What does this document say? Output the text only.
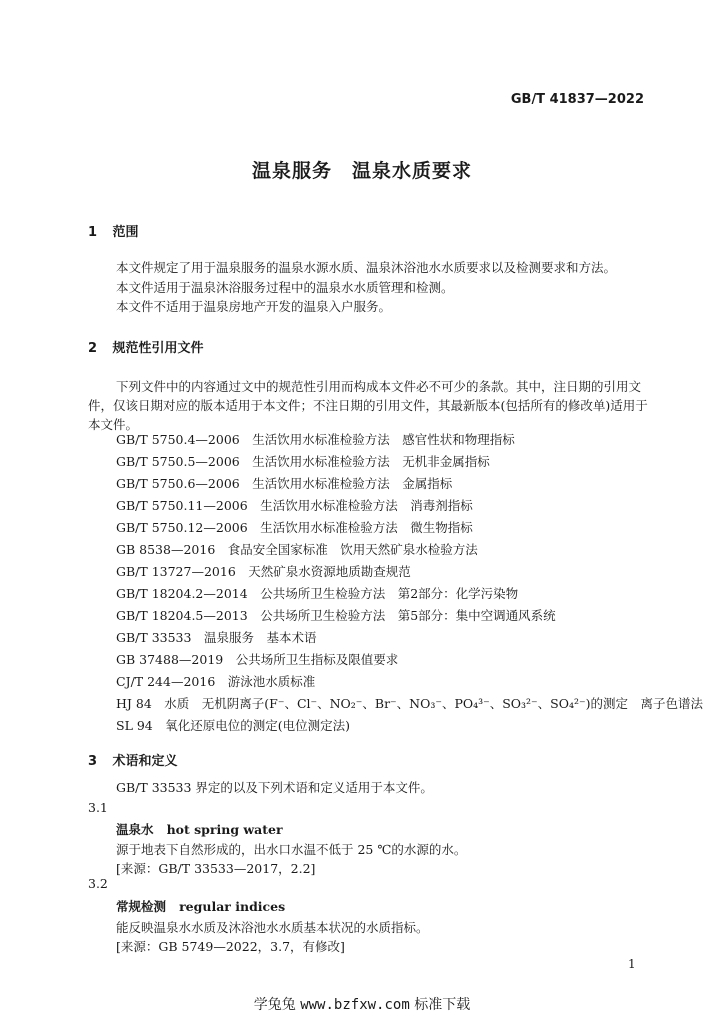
GB/T 41837—2022
温泉服务　温泉水质要求
1 范围
本文件规定了用于温泉服务的温泉水源水质、温泉沐浴池水水质要求以及检测要求和方法。
本文件适用于温泉沐浴服务过程中的温泉水水质管理和检测。
本文件不适用于温泉房地产开发的温泉入户服务。
2 规范性引用文件
下列文件中的内容通过文中的规范性引用而构成本文件必不可少的条款。其中，注日期的引用文件，仅该日期对应的版本适用于本文件；不注日期的引用文件，其最新版本(包括所有的修改单)适用于本文件。
GB/T 5750.4—2006　生活饮用水标准检验方法　感官性状和物理指标
GB/T 5750.5—2006　生活饮用水标准检验方法　无机非金属指标
GB/T 5750.6—2006　生活饮用水标准检验方法　金属指标
GB/T 5750.11—2006　生活饮用水标准检验方法　消毒剂指标
GB/T 5750.12—2006　生活饮用水标准检验方法　微生物指标
GB 8538—2016　食品安全国家标准　饮用天然矿泉水检验方法
GB/T 13727—2016　天然矿泉水资源地质勘查规范
GB/T 18204.2—2014　公共场所卫生检验方法　第2部分：化学污染物
GB/T 18204.5—2013　公共场所卫生检验方法　第5部分：集中空调通风系统
GB/T 33533　温泉服务　基本术语
GB 37488—2019　公共场所卫生指标及限值要求
CJ/T 244—2016　游泳池水质标准
HJ 84　水质　无机阴离子(F⁻、Cl⁻、NO₂⁻、Br⁻、NO₃⁻、PO₄³⁻、SO₃²⁻、SO₄²⁻)的测定　离子色谱法
SL 94　氧化还原电位的测定(电位测定法)
3 术语和定义
GB/T 33533 界定的以及下列术语和定义适用于本文件。
3.1
温泉水 hot spring water
源于地表下自然形成的，出水口水温不低于 25 ℃的水源的水。
[来源：GB/T 33533—2017，2.2]
3.2
常规检测 regular indices
能反映温泉水水质及沐浴池水水质基本状况的水质指标。
1
学兔兔 www.bzfxw.com 标准下载
[来源：GB 5749—2022，3.7，有修改]
